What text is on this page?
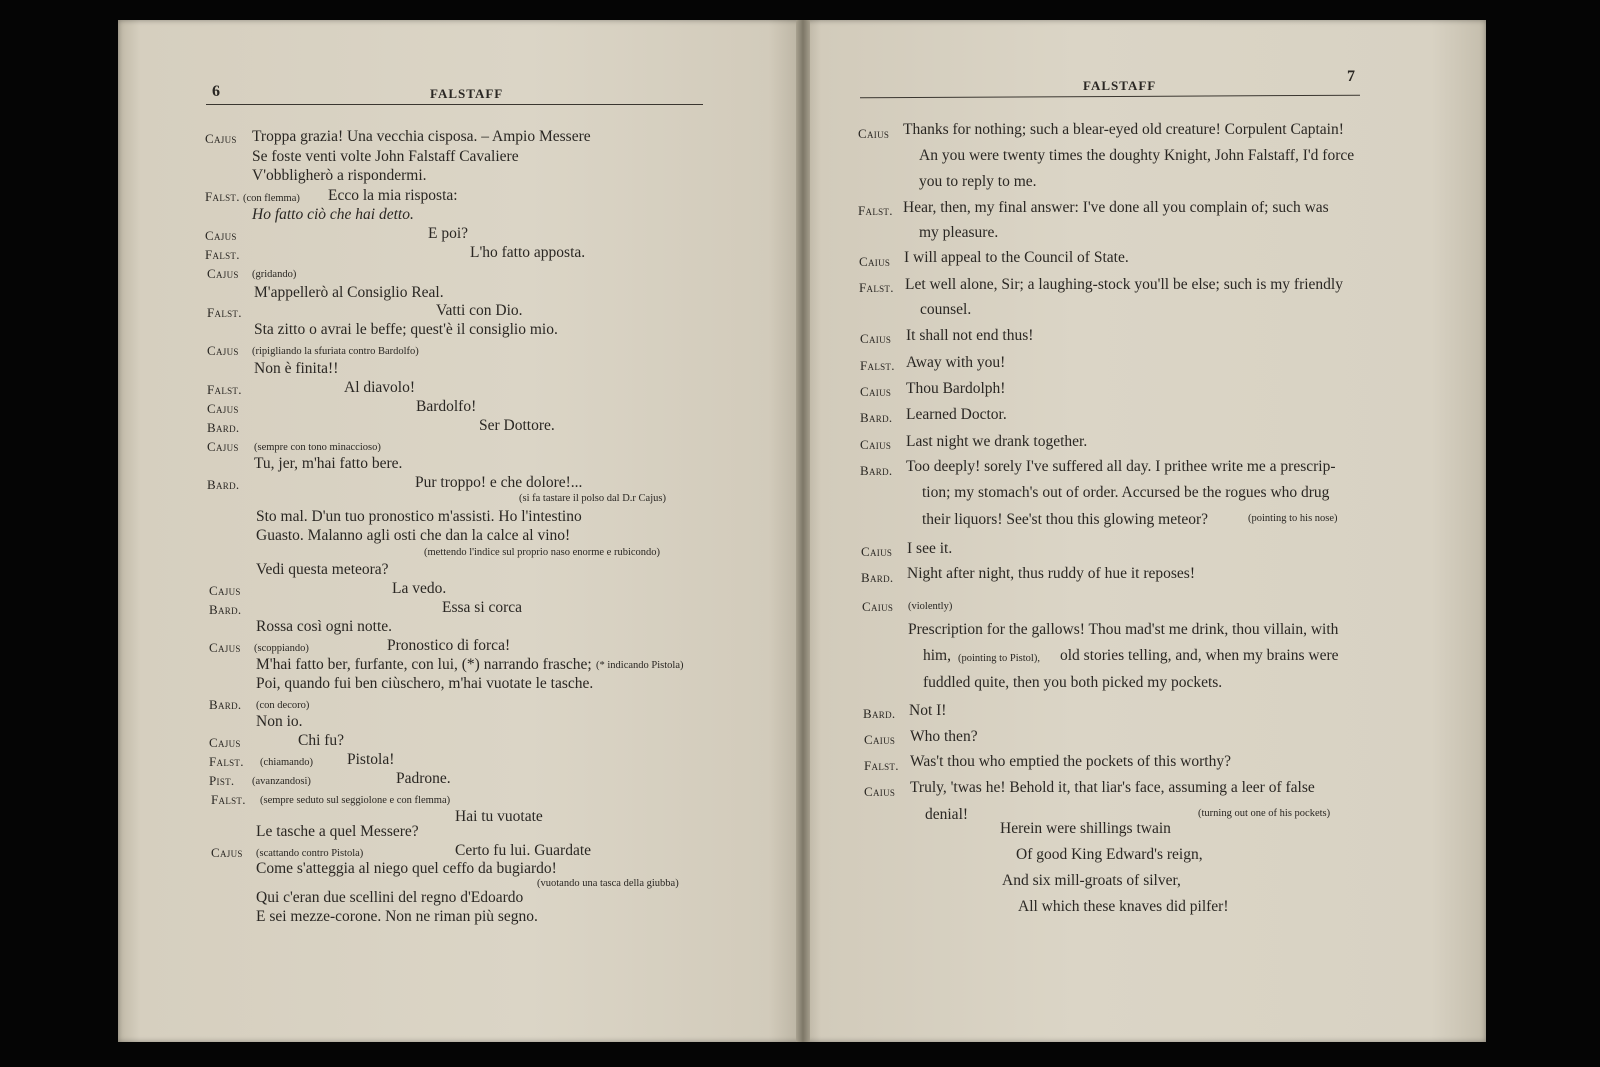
6	FALSTAFF
Cajus Troppa grazia! Una vecchia cisposa. – Ampio Messere
Se foste venti volte John Falstaff Cavaliere
V'obbligherò a rispondermi.
Falst. (con flemma) Ecco la mia risposta:
Ho fatto ciò che hai detto.
Cajus	E poi?
Falst.	L'ho fatto apposta.
Cajus (gridando)
M'appellerò al Consiglio Real.
Falst.	Vatti con Dio.
Sta zitto o avrai le beffe; quest'è il consiglio mio.
Cajus (ripigliando la sfuriata contro Bardolfo)
Non è finita!!
Falst.	Al diavolo!
Cajus	Bardolfo!
Bard.	Ser Dottore.
Cajus (sempre con tono minaccioso)
Tu, jer, m'hai fatto bere.
Bard.	Pur troppo! e che dolore!...
(si fa tastare il polso dal D.r Cajus)
Sto mal. D'un tuo pronostico m'assisti. Ho l'intestino
Guasto. Malanno agli osti che dan la calce al vino!
(mettendo l'indice sul proprio naso enorme e rubicondo)
Vedi questa meteora?
Cajus	La vedo.
Bard.	Essa si corca
Rossa così ogni notte.
Cajus (scoppiando)	Pronostico di forca!
M'hai fatto ber, furfante, con lui, (*) narrando frasche; (* indicando Pistola)
Poi, quando fui ben ciùschero, m'hai vuotate le tasche.
Bard. (con decoro)
Non io.
Cajus	Chi fu?
Falst. (chiamando) Pistola!
Pist. (avanzandosi)	Padrone.
Falst. (sempre seduto sul seggiolone e con flemma)
Hai tu vuotate
Le tasche a quel Messere?
Cajus (scattando contro Pistola)	Certo fu lui. Guardate
Come s'atteggia al niego quel ceffo da bugiardo!
(vuotando una tasca della giubba)
Qui c'eran due scellini del regno d'Edoardo
E sei mezze-corone. Non ne riman più segno.
FALSTAFF
7
Caius Thanks for nothing; such a blear-eyed old creature! Corpulent Captain!
An you were twenty times the doughty Knight, John Falstaff, I'd force
you to reply to me.
Falst. Hear, then, my final answer: I've done all you complain of; such was
my pleasure.
Caius I will appeal to the Council of State.
Falst. Let well alone, Sir; a laughing-stock you'll be else; such is my friendly
counsel.
Caius It shall not end thus!
Falst. Away with you!
Caius Thou Bardolph!
Bard. Learned Doctor.
Caius Last night we drank together.
Bard. Too deeply! sorely I've suffered all day. I prithee write me a prescrip-
tion; my stomach's out of order. Accursed be the rogues who drug
their liquors! See'st thou this glowing meteor?	(pointing to his nose)
Caius I see it.
Bard. Night after night, thus ruddy of hue it reposes!
Caius (violently)
Prescription for the gallows! Thou mad'st me drink, thou villain, with
him, (pointing to Pistol), old stories telling, and, when my brains were
fuddled quite, then you both picked my pockets.
Bard. Not I!
Caius Who then?
Falst. Was't thou who emptied the pockets of this worthy?
Caius Truly, 'twas he! Behold it, that liar's face, assuming a leer of false
denial!	(turning out one of his pockets)
Herein were shillings twain
Of good King Edward's reign,
And six mill-groats of silver,
All which these knaves did pilfer!
